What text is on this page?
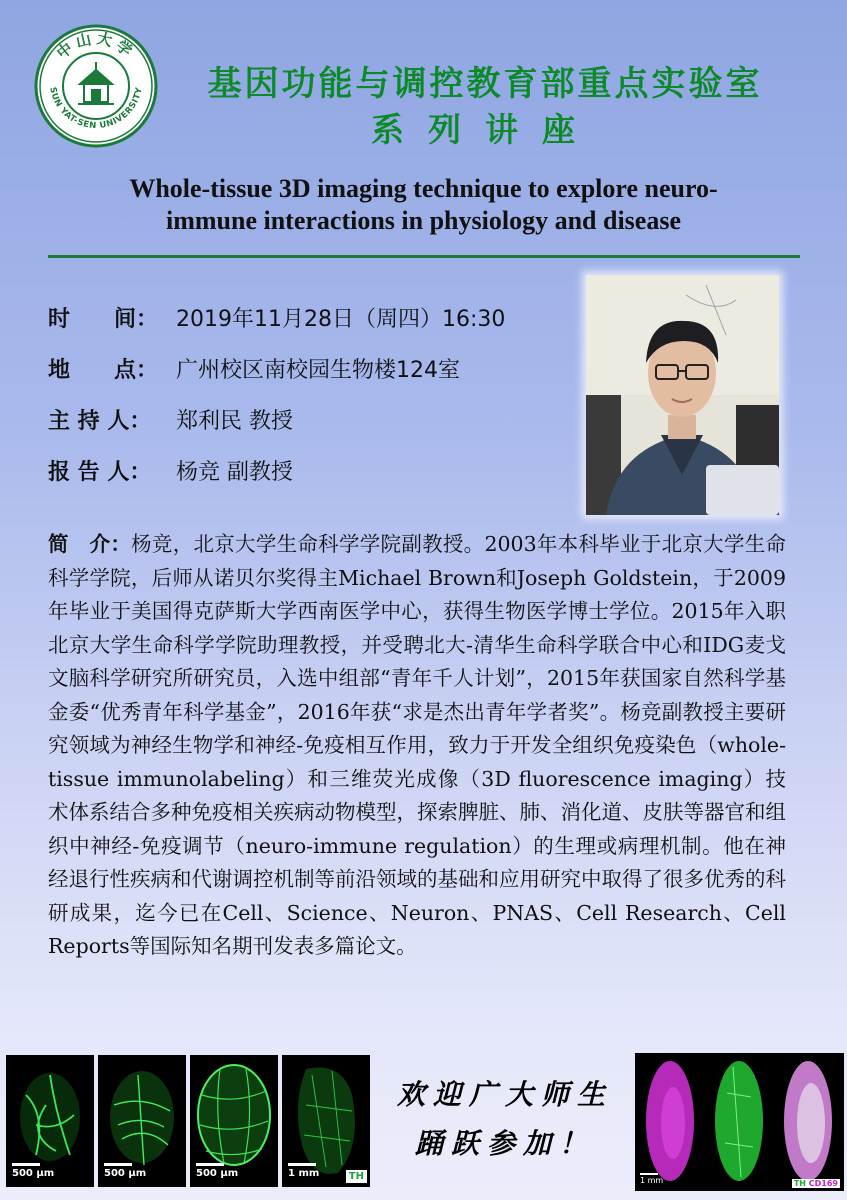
中山大学
SUN YAT-SEN UNIVERSITY	基因功能与调控教育部重点实验室
系列讲座
Whole-tissue 3D imaging technique to explore neuro-
immune interactions in physiology and disease
时　　间： 2019年11月28日（周四）16:30
地　　点： 广州校区南校园生物楼124室
主 持 人： 郑利民 教授
报 告 人： 杨竞 副教授
简　介：杨竞，北京大学生命科学学院副教授。2003年本科毕业于北京大学生命科学学院，后师从诺贝尔奖得主Michael Brown和Joseph Goldstein，于2009年毕业于美国得克萨斯大学西南医学中心，获得生物医学博士学位。2015年入职北京大学生命科学学院助理教授，并受聘北大-清华生命科学联合中心和IDG麦戈文脑科学研究所研究员，入选中组部“青年千人计划”，2015年获国家自然科学基金委“优秀青年科学基金”，2016年获“求是杰出青年学者奖”。杨竞副教授主要研究领域为神经生物学和神经-免疫相互作用，致力于开发全组织免疫染色（whole-tissue immunolabeling）和三维荧光成像（3D fluorescence imaging）技术体系结合多种免疫相关疾病动物模型，探索脾脏、肺、消化道、皮肤等器官和组织中神经-免疫调节（neuro-immune regulation）的生理或病理机制。他在神经退行性疾病和代谢调控机制等前沿领域的基础和应用研究中取得了很多优秀的科研成果，迄今已在Cell、Science、Neuron、PNAS、Cell Research、Cell Reports等国际知名期刊发表多篇论文。
500 µm	500 µm	500 µm	1 mm	TH
欢迎广大师生
踊跃参加！
1 mm	TH CD169
